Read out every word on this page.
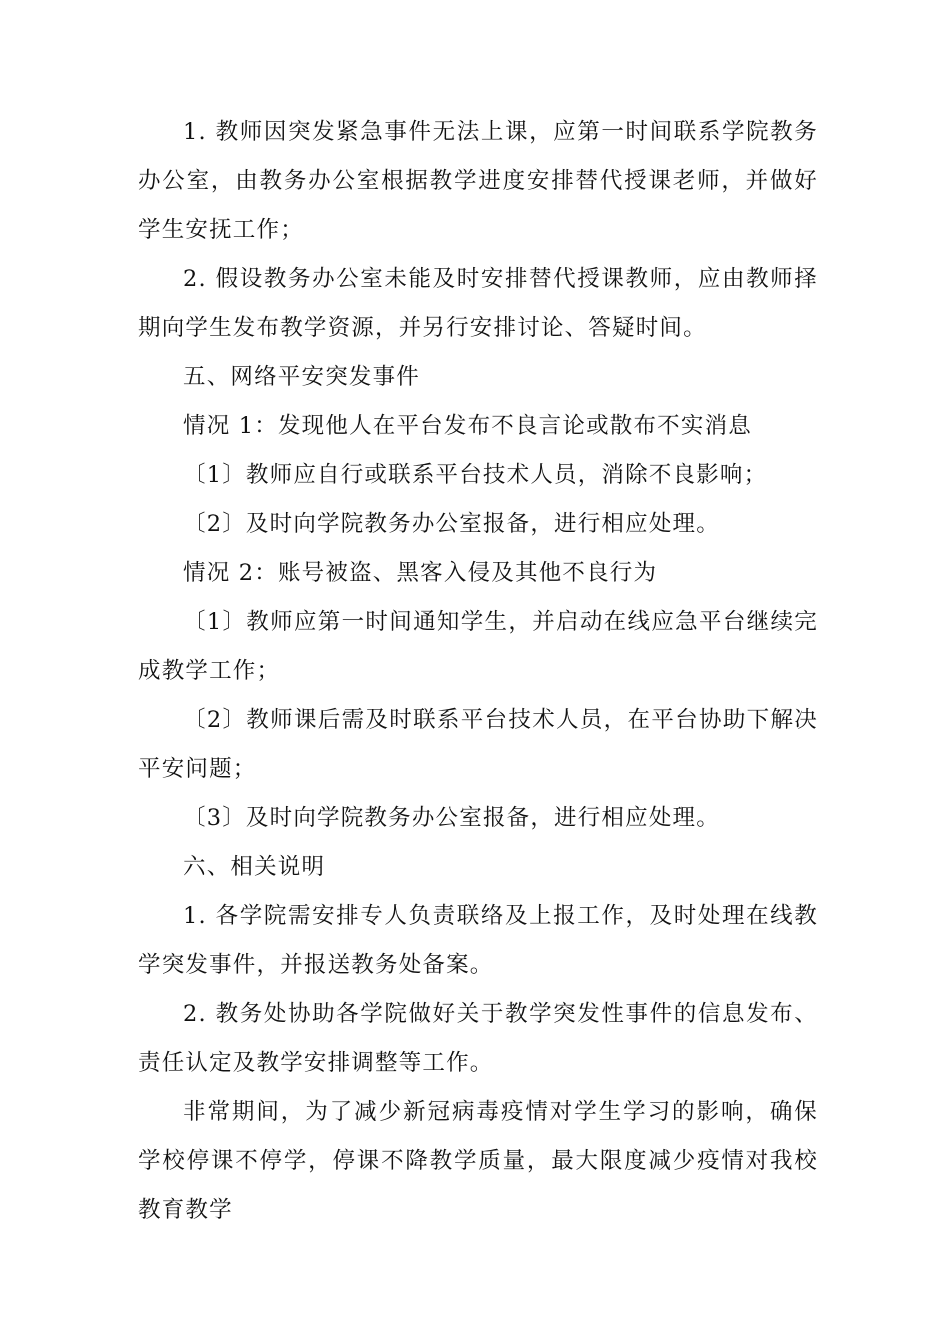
1. 教师因突发紧急事件无法上课，应第一时间联系学院教务办公室，由教务办公室根据教学进度安排替代授课老师，并做好学生安抚工作；

2. 假设教务办公室未能及时安排替代授课教师，应由教师择期向学生发布教学资源，并另行安排讨论、答疑时间。

五、网络平安突发事件

情况 1：发现他人在平台发布不良言论或散布不实消息

〔1〕教师应自行或联系平台技术人员，消除不良影响；

〔2〕及时向学院教务办公室报备，进行相应处理。

情况 2：账号被盗、黑客入侵及其他不良行为

〔1〕教师应第一时间通知学生，并启动在线应急平台继续完成教学工作；

〔2〕教师课后需及时联系平台技术人员，在平台协助下解决平安问题；

〔3〕及时向学院教务办公室报备，进行相应处理。

六、相关说明

1. 各学院需安排专人负责联络及上报工作，及时处理在线教学突发事件，并报送教务处备案。

2. 教务处协助各学院做好关于教学突发性事件的信息发布、责任认定及教学安排调整等工作。

非常期间，为了减少新冠病毒疫情对学生学习的影响，确保学校停课不停学，停课不降教学质量，最大限度减少疫情对我校教育教学
